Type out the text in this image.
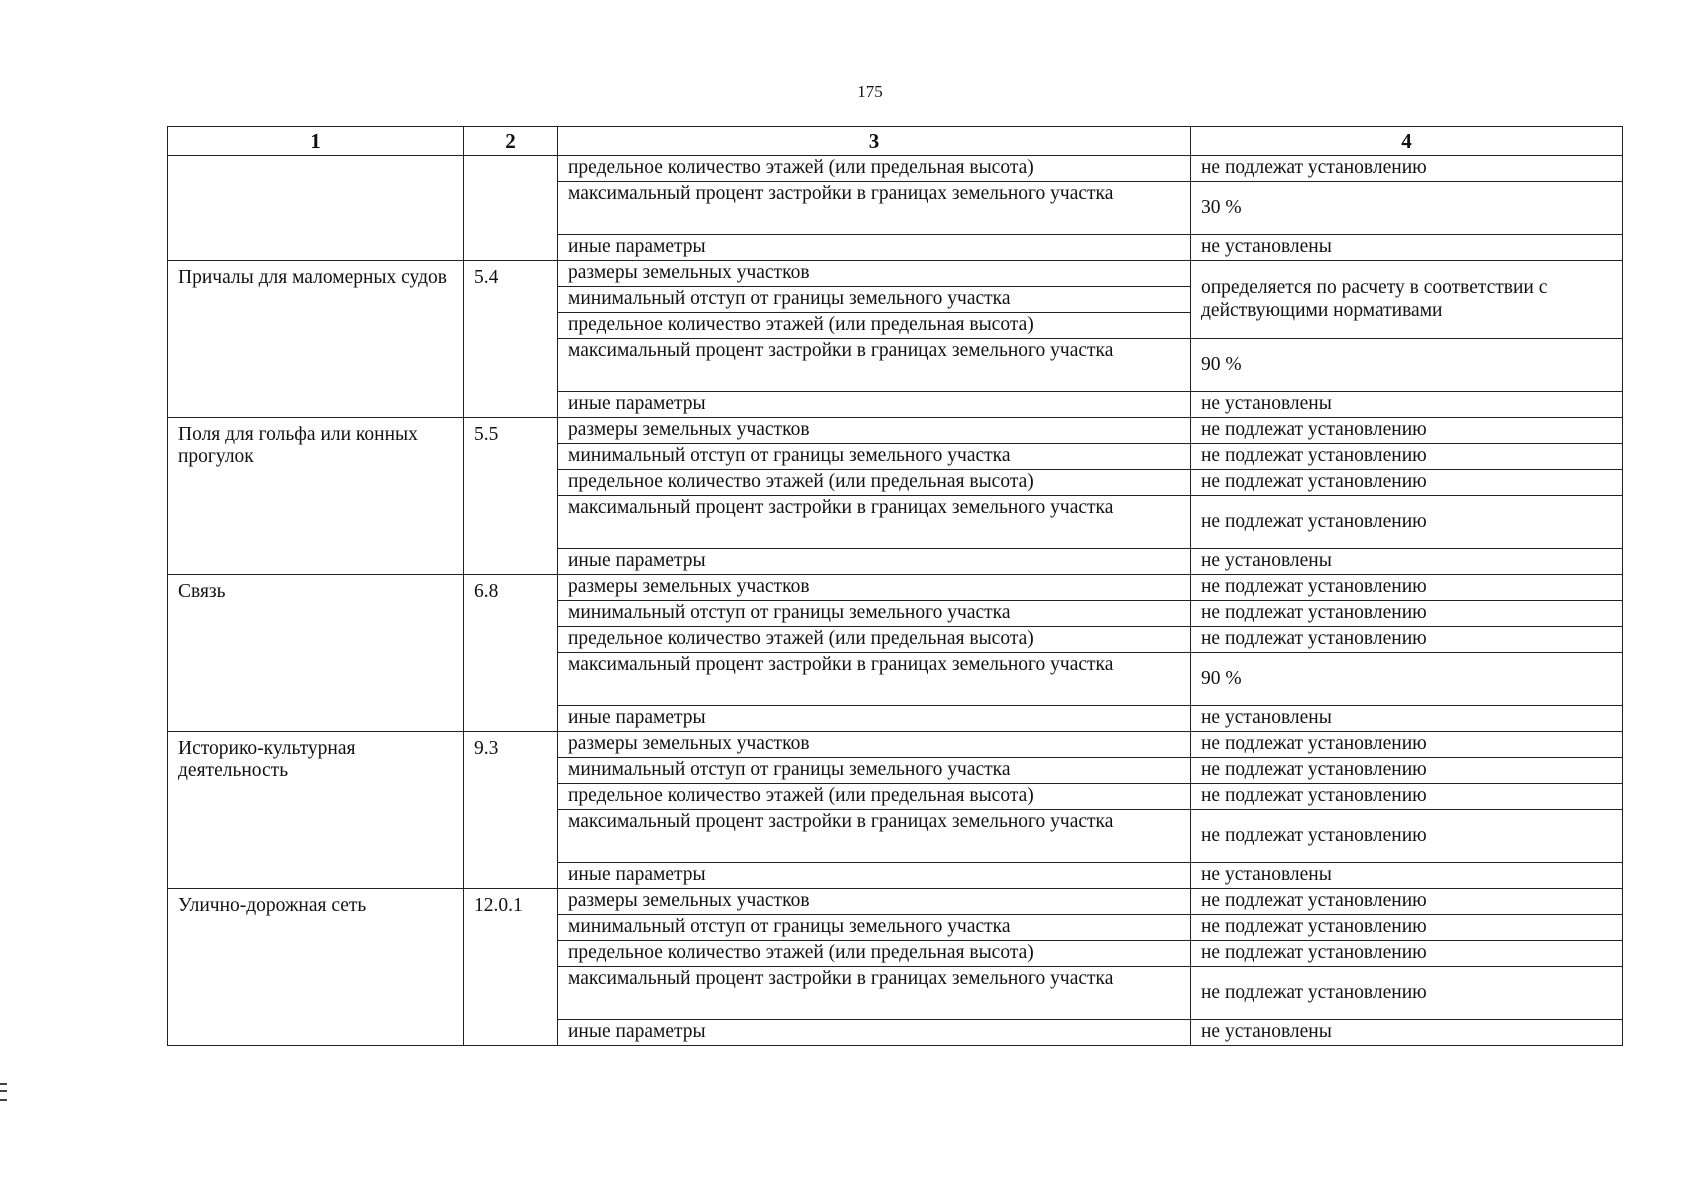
175
1	2	3	4
		предельное количество этажей (или предельная высота)	не подлежат установлению
		максимальный процент застройки в границах земельного участка	30 %
		иные параметры	не установлены
Причалы для маломерных судов	5.4	размеры земельных участков	определяется по расчету в соответствии с действующими нормативами
		минимальный отступ от границы земельного участка	
		предельное количество этажей (или предельная высота)	
		максимальный процент застройки в границах земельного участка	90 %
		иные параметры	не установлены
Поля для гольфа или конных прогулок	5.5	размеры земельных участков	не подлежат установлению
		минимальный отступ от границы земельного участка	не подлежат установлению
		предельное количество этажей (или предельная высота)	не подлежат установлению
		максимальный процент застройки в границах земельного участка	не подлежат установлению
		иные параметры	не установлены
Связь	6.8	размеры земельных участков	не подлежат установлению
		минимальный отступ от границы земельного участка	не подлежат установлению
		предельное количество этажей (или предельная высота)	не подлежат установлению
		максимальный процент застройки в границах земельного участка	90 %
		иные параметры	не установлены
Историко-культурная деятельность	9.3	размеры земельных участков	не подлежат установлению
		минимальный отступ от границы земельного участка	не подлежат установлению
		предельное количество этажей (или предельная высота)	не подлежат установлению
		максимальный процент застройки в границах земельного участка	не подлежат установлению
		иные параметры	не установлены
Улично-дорожная сеть	12.0.1	размеры земельных участков	не подлежат установлению
		минимальный отступ от границы земельного участка	не подлежат установлению
		предельное количество этажей (или предельная высота)	не подлежат установлению
		максимальный процент застройки в границах земельного участка	не подлежат установлению
		иные параметры	не установлены
